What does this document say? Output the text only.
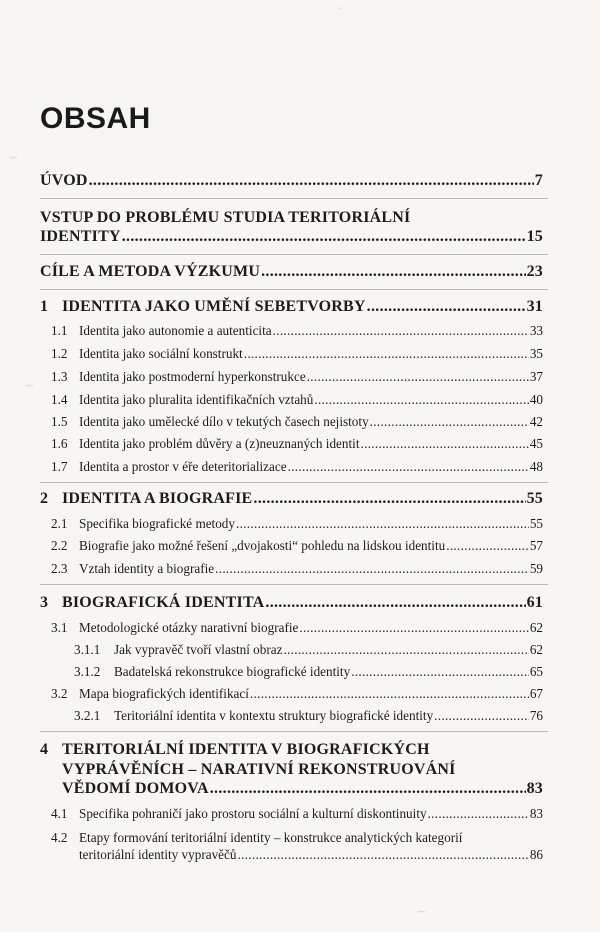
´
–
–
OBSAH
ÚVOD .....	7
VSTUP DO PROBLÉMU STUDIA TERITORIÁLNÍ
IDENTITY .....	15
CÍLE A METODA VÝZKUMU .....	23
1 IDENTITA JAKO UMĚNÍ SEBETVORBY .....	31
1.1 Identita jako autonomie a autenticita .....	33
1.2 Identita jako sociální konstrukt .....	35
1.3 Identita jako postmoderní hyperkonstrukce .....	37
1.4 Identita jako pluralita identifikačních vztahů .....	40
1.5 Identita jako umělecké dílo v tekutých časech nejistoty .....	42
1.6 Identita jako problém důvěry a (z)neuznaných identit .....	45
1.7 Identita a prostor v éře deteritorializace .....	48
2 IDENTITA A BIOGRAFIE .....	55
2.1 Specifika biografické metody .....	55
2.2 Biografie jako možné řešení „dvojakosti“ pohledu na lidskou identitu .....	57
2.3 Vztah identity a biografie .....	59
3 BIOGRAFICKÁ IDENTITA .....	61
3.1 Metodologické otázky narativní biografie .....	62
3.1.1	Jak vypravěč tvoří vlastní obraz .....	62
3.1.2	Badatelská rekonstrukce biografické identity .....	65
3.2 Mapa biografických identifikací .....	67
3.2.1	Teritoriální identita v kontextu struktury biografické identity .....	76
4 TERITORIÁLNÍ IDENTITA V BIOGRAFICKÝCH
VYPRÁVĚNÍCH – NARATIVNÍ REKONSTRUOVÁNÍ
VĚDOMÍ DOMOVA .....	83
4.1 Specifika pohraničí jako prostoru sociální a kulturní diskontinuity .....	83
4.2 Etapy formování teritoriální identity – konstrukce analytických kategorií
teritoriální identity vypravěčů .....	86
–
